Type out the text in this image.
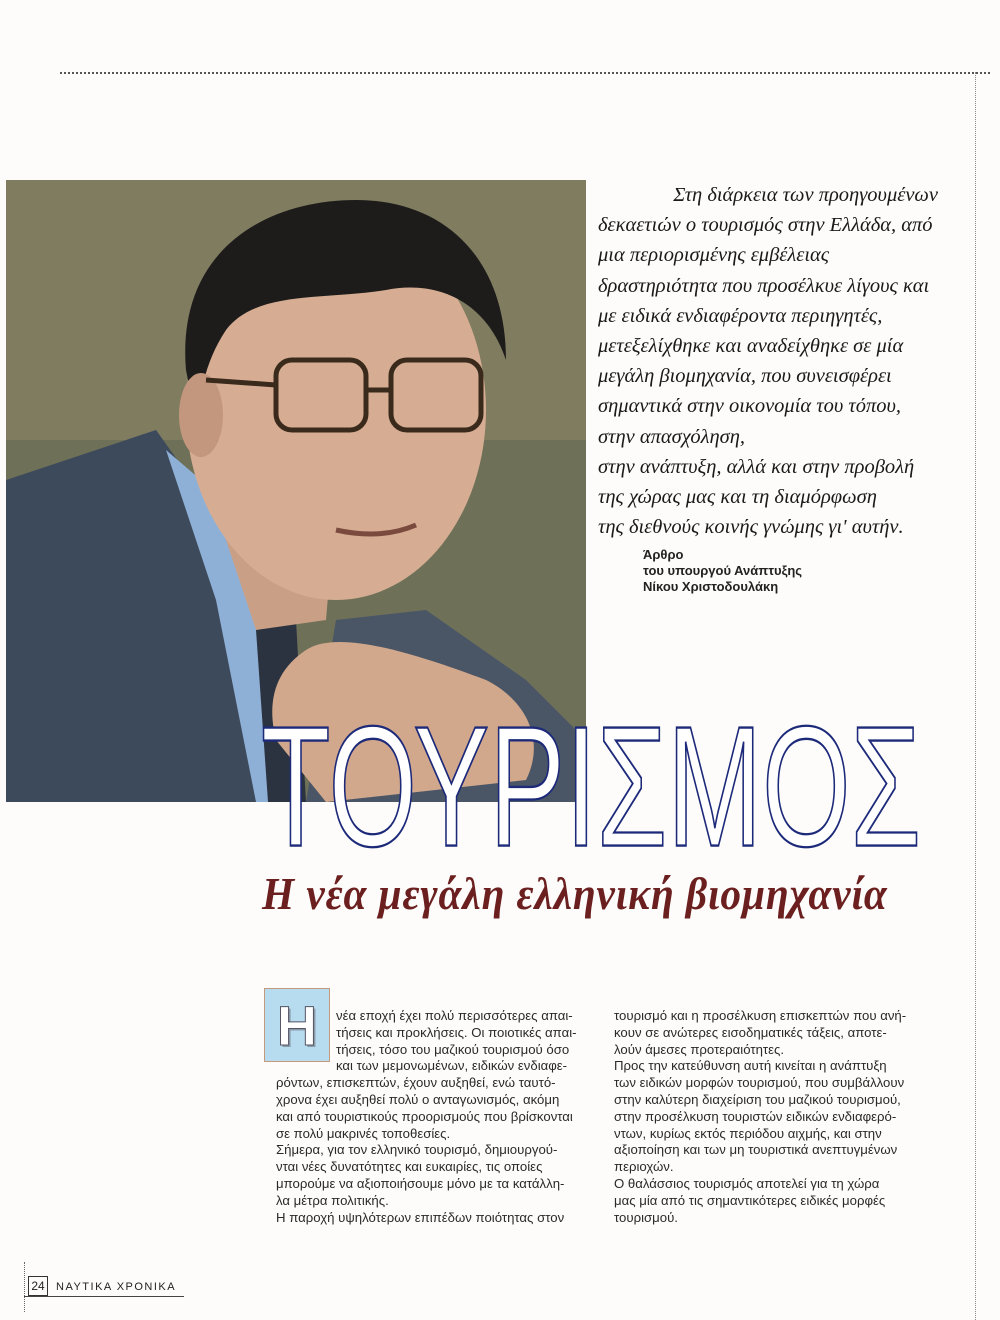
Στη διάρκεια των προηγουμένων
δεκαετιών ο τουρισμός στην Ελλάδα, από
μια περιορισμένης εμβέλειας
δραστηριότητα που προσέλκυε λίγους και
με ειδικά ενδιαφέροντα περιηγητές,
μετεξελίχθηκε και αναδείχθηκε σε μία
μεγάλη βιομηχανία, που συνεισφέρει
σημαντικά στην οικονομία του τόπου,
στην απασχόληση,
στην ανάπτυξη, αλλά και στην προβολή
της χώρας μας και τη διαμόρφωση
της διεθνούς κοινής γνώμης γι' αυτήν.
Άρθρο
του υπουργού Ανάπτυξης
Νίκου Χριστοδουλάκη
ΤΟΥΡΙΣΜΟΣ
Η νέα μεγάλη ελληνική βιομηχανία
Η	νέα εποχή έχει πολύ περισσότερες απαι-
τήσεις και προκλήσεις. Οι ποιοτικές απαι-
τήσεις, τόσο του μαζικού τουρισμού όσο
και των μεμονωμένων, ειδικών ενδιαφε-
ρόντων, επισκεπτών, έχουν αυξηθεί, ενώ ταυτό-
χρονα έχει αυξηθεί πολύ ο ανταγωνισμός, ακόμη
και από τουριστικούς προορισμούς που βρίσκονται
σε πολύ μακρινές τοποθεσίες.
Σήμερα, για τον ελληνικό τουρισμό, δημιουργού-
νται νέες δυνατότητες και ευκαιρίες, τις οποίες
μπορούμε να αξιοποιήσουμε μόνο με τα κατάλλη-
λα μέτρα πολιτικής.
Η παροχή υψηλότερων επιπέδων ποιότητας στον
τουρισμό και η προσέλκυση επισκεπτών που ανή-
κουν σε ανώτερες εισοδηματικές τάξεις, αποτε-
λούν άμεσες προτεραιότητες.
Προς την κατεύθυνση αυτή κινείται η ανάπτυξη
των ειδικών μορφών τουρισμού, που συμβάλλουν
στην καλύτερη διαχείριση του μαζικού τουρισμού,
στην προσέλκυση τουριστών ειδικών ενδιαφερό-
ντων, κυρίως εκτός περιόδου αιχμής, και στην
αξιοποίηση και των μη τουριστικά ανεπτυγμένων
περιοχών.
Ο θαλάσσιος τουρισμός αποτελεί για τη χώρα
μας μία από τις σημαντικότερες ειδικές μορφές
τουρισμού.
24	ΝΑΥΤΙΚΑ ΧΡΟΝΙΚΑ
